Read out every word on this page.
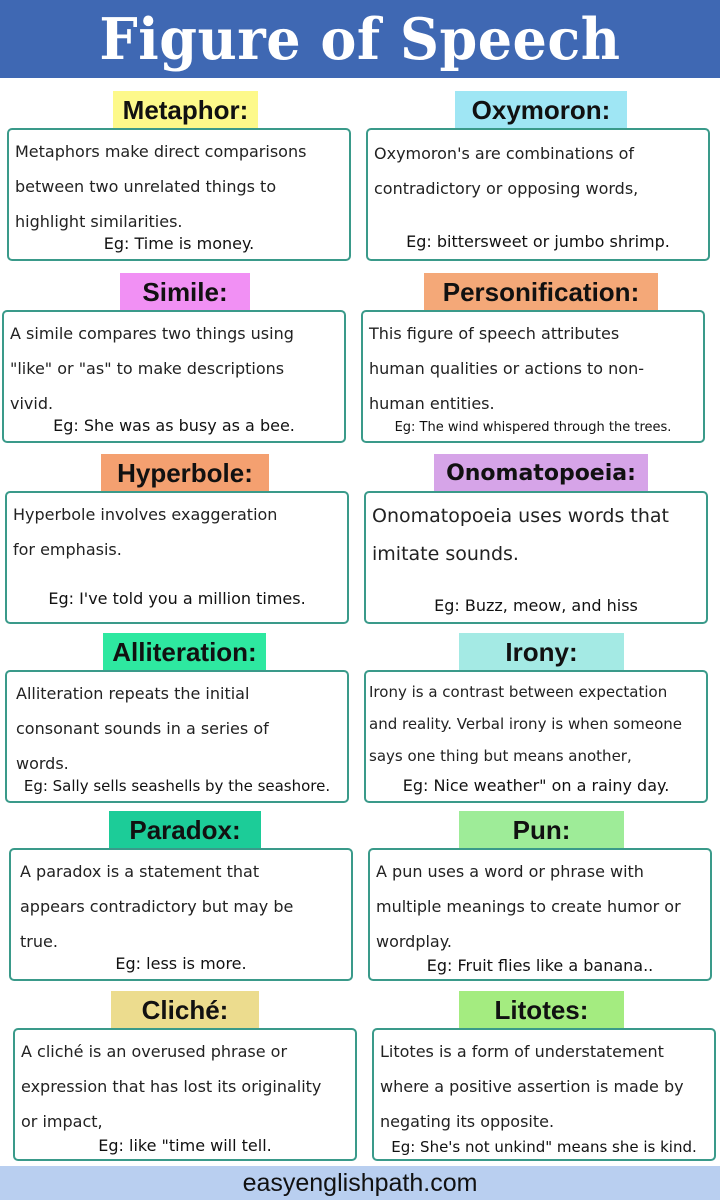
Figure of Speech
Metaphor:
Metaphors make direct comparisons
between two unrelated things to
highlight similarities.
Eg: Time is money.
Oxymoron:
Oxymoron's are combinations of
contradictory or opposing words,
Eg: bittersweet or jumbo shrimp.
Simile:
A simile compares two things using
"like" or "as" to make descriptions
vivid.
Eg: She was as busy as a bee.
Personification:
This figure of speech attributes
human qualities or actions to non-
human entities.
Eg: The wind whispered through the trees.
Hyperbole:
Hyperbole involves exaggeration
for emphasis.
Eg: I've told you a million times.
Onomatopoeia:
Onomatopoeia uses words that
imitate sounds.
Eg: Buzz, meow, and hiss
Alliteration:
Alliteration repeats the initial
consonant sounds in a series of
words.
Eg: Sally sells seashells by the seashore.
Irony:
Irony is a contrast between expectation
and reality. Verbal irony is when someone
says one thing but means another,
Eg: Nice weather" on a rainy day.
Paradox:
A paradox is a statement that
appears contradictory but may be
true.
Eg: less is more.
Pun:
A pun uses a word or phrase with
multiple meanings to create humor or
wordplay.
Eg: Fruit flies like a banana..
Cliché:
A cliché is an overused phrase or
expression that has lost its originality
or impact,
Eg: like "time will tell.
Litotes:
Litotes is a form of understatement
where a positive assertion is made by
negating its opposite.
Eg: She's not unkind" means she is kind.
easyenglishpath.com
